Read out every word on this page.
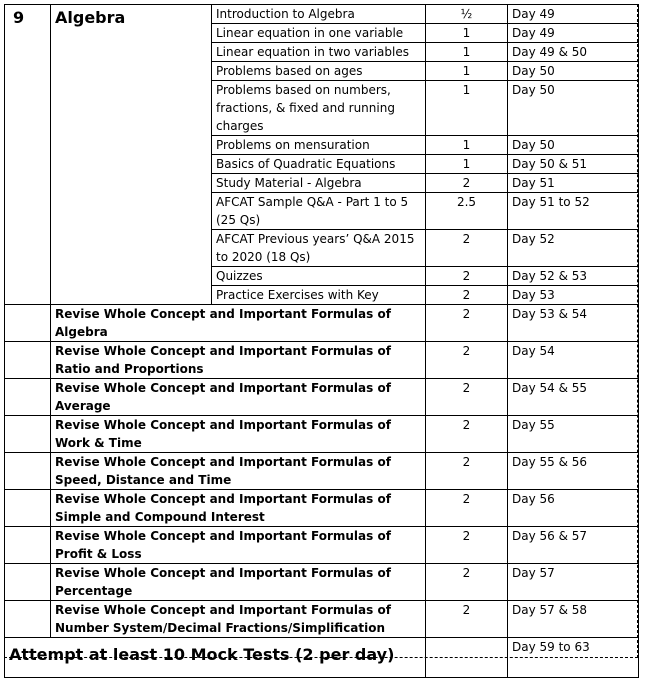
9	Algebra	Introduction to Algebra	½	Day 49
		Linear equation in one variable	1	Day 49
		Linear equation in two variables	1	Day 49 & 50
		Problems based on ages	1	Day 50
		Problems based on numbers, fractions, & fixed and running charges	1	Day 50
		Problems on mensuration	1	Day 50
		Basics of Quadratic Equations	1	Day 50 & 51
		Study Material - Algebra	2	Day 51
		AFCAT Sample Q&A - Part 1 to 5 (25 Qs)	2.5	Day 51 to 52
		AFCAT Previous years’ Q&A 2015 to 2020 (18 Qs)	2	Day 52
		Quizzes	2	Day 52 & 53
		Practice Exercises with Key	2	Day 53
	Revise Whole Concept and Important Formulas of Algebra		2	Day 53 & 54
	Revise Whole Concept and Important Formulas of Ratio and Proportions		2	Day 54
	Revise Whole Concept and Important Formulas of Average		2	Day 54 & 55
	Revise Whole Concept and Important Formulas of Work & Time		2	Day 55
	Revise Whole Concept and Important Formulas of Speed, Distance and Time		2	Day 55 & 56
	Revise Whole Concept and Important Formulas of Simple and Compound Interest		2	Day 56
	Revise Whole Concept and Important Formulas of Profit & Loss		2	Day 56 & 57
	Revise Whole Concept and Important Formulas of Percentage		2	Day 57
	Revise Whole Concept and Important Formulas of Number System/Decimal Fractions/Simplification		2	Day 57 & 58
Attempt at least 10 Mock Tests (2 per day)				Day 59 to 63
